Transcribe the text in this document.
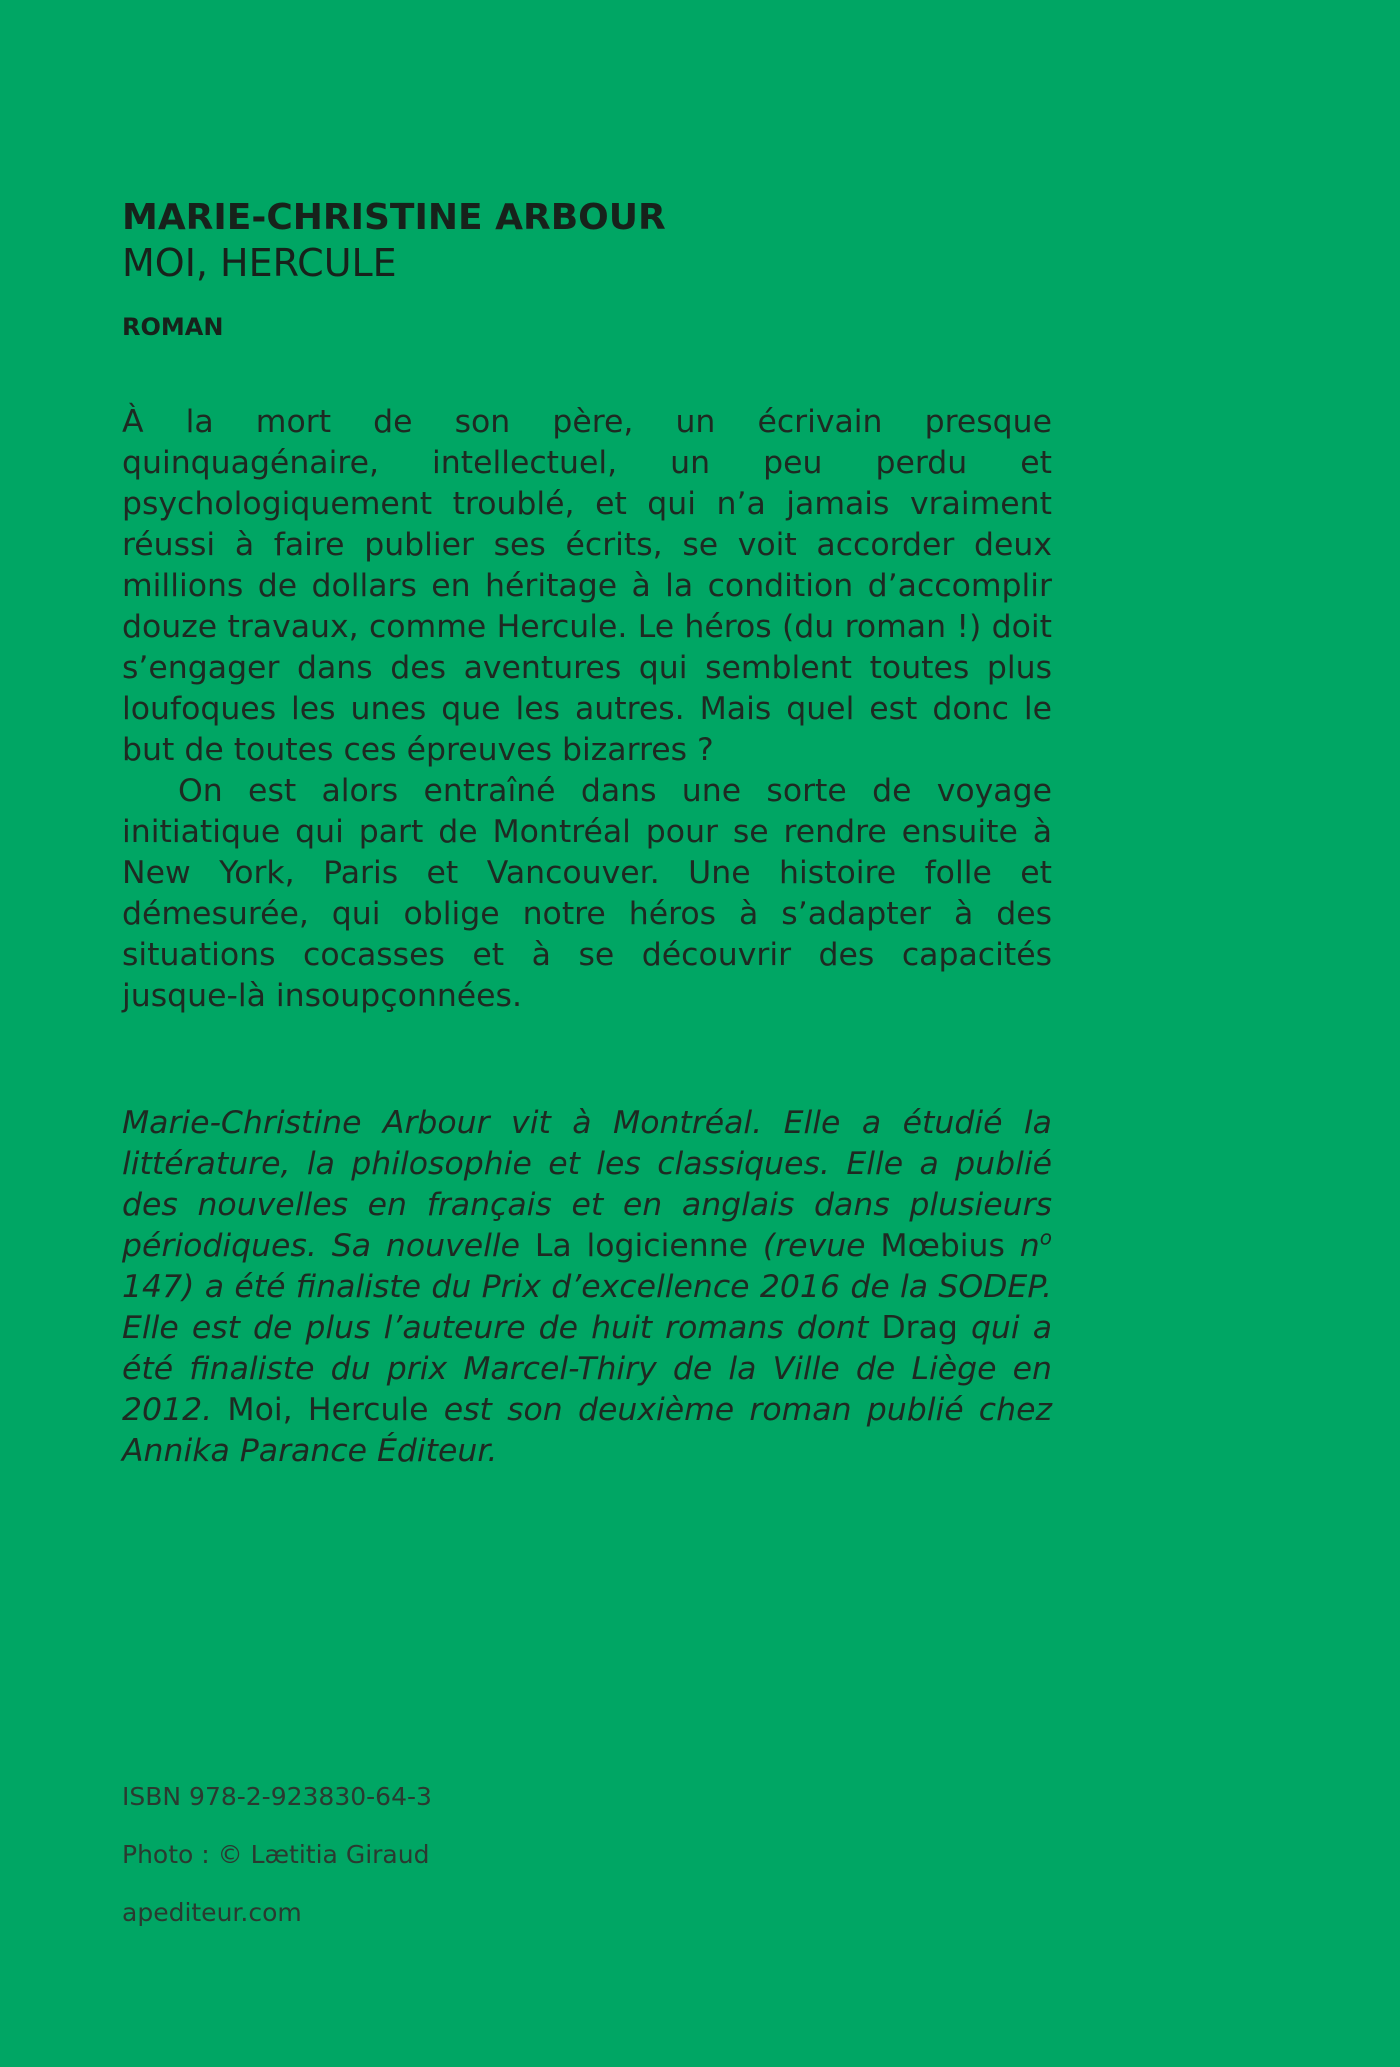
MARIE-CHRISTINE ARBOUR
MOI, HERCULE
ROMAN

À la mort de son père, un écrivain presque quinquagénaire, intellectuel, un peu perdu et psychologiquement troublé, et qui n’a jamais vraiment réussi à faire publier ses écrits, se voit accorder deux millions de dollars en héritage à la condition d’accomplir douze travaux, comme Hercule. Le héros (du roman !) doit s’engager dans des aventures qui semblent toutes plus loufoques les unes que les autres. Mais quel est donc le but de toutes ces épreuves bizarres ?

On est alors entraîné dans une sorte de voyage initiatique qui part de Montréal pour se rendre ensuite à New York, Paris et Vancouver. Une histoire folle et démesurée, qui oblige notre héros à s’adapter à des situations cocasses et à se découvrir des capacités jusque-là insoupçonnées.

Marie-Christine Arbour vit à Montréal. Elle a étudié la littérature, la philosophie et les classiques. Elle a publié des nouvelles en français et en anglais dans plusieurs périodiques. Sa nouvelle La logicienne (revue Mœbius $n^o$ 147) a été finaliste du Prix d’excellence 2016 de la SODEP. Elle est de plus l’auteure de huit romans dont Drag qui a été finaliste du prix Marcel-Thiry de la Ville de Liège en 2012. Moi, Hercule est son deuxième roman publié chez Annika Parance Éditeur.
ISBN 978-2-923830-64-3
Photo : © Lætitia Giraud
apediteur.com
